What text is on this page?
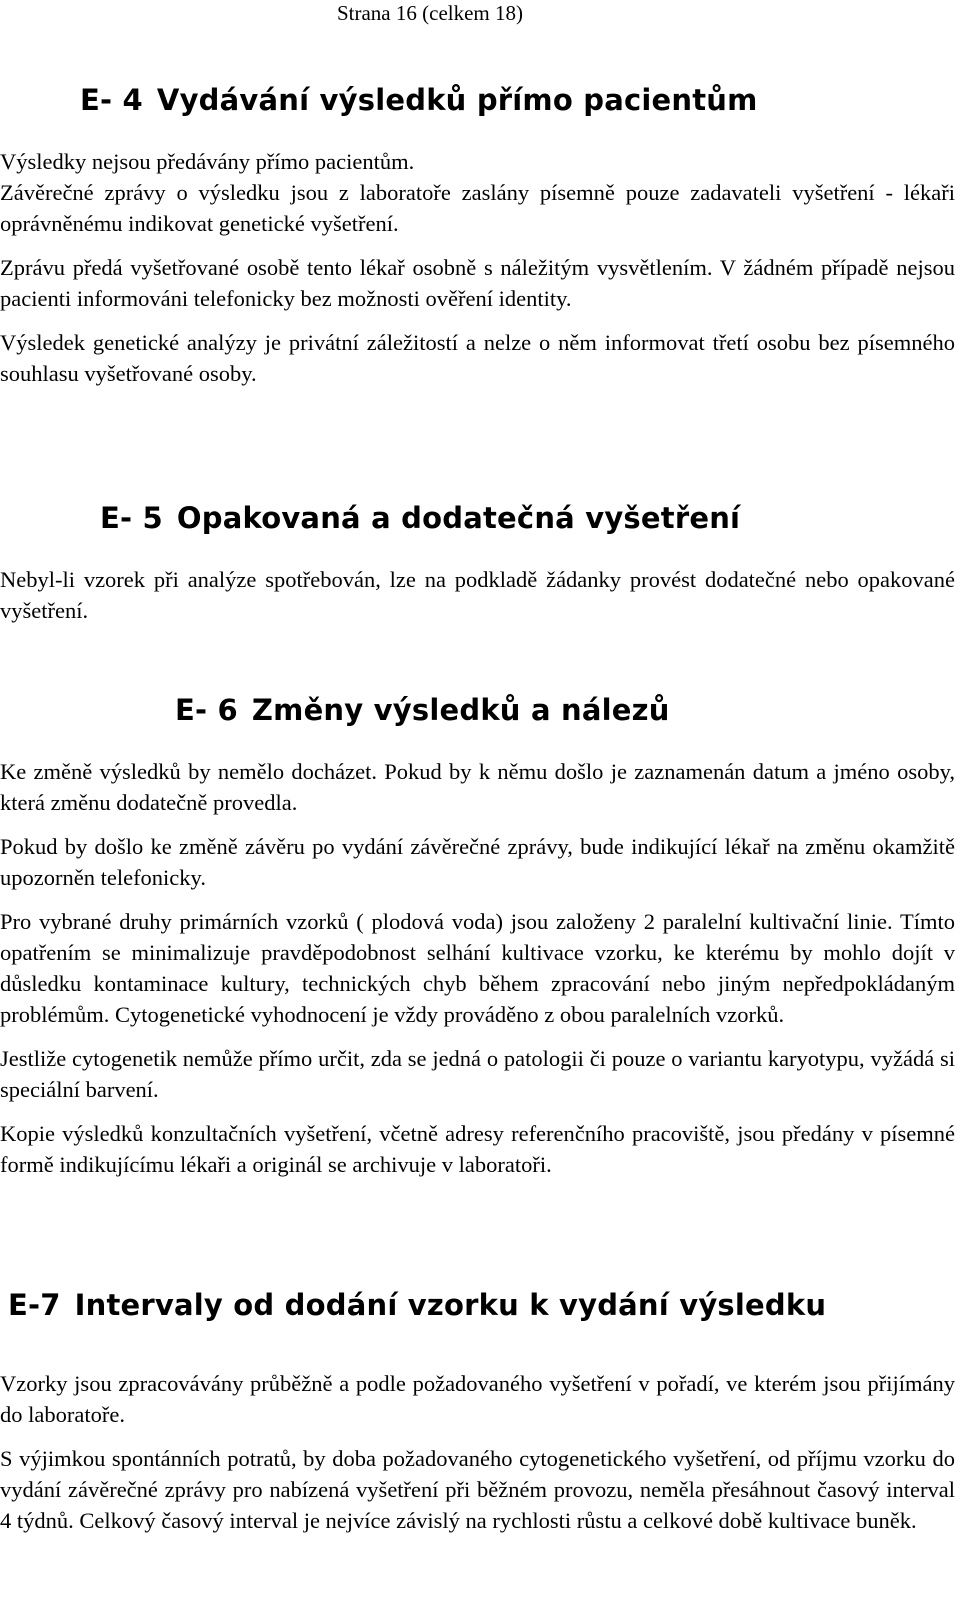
Strana 16 (celkem 18)
E- 4 Vydávání výsledků přímo pacientům

Výsledky nejsou předávány přímo pacientům.

Závěrečné zprávy o výsledku jsou z laboratoře zaslány písemně pouze zadavateli vyšetření - lékaři oprávněnému indikovat genetické vyšetření.

Zprávu předá vyšetřované osobě tento lékař osobně s náležitým vysvětlením. V žádném případě nejsou pacienti informováni telefonicky bez možnosti ověření identity.

Výsledek genetické analýzy je privátní záležitostí a nelze o něm informovat třetí osobu bez písemného souhlasu vyšetřované osoby.

E- 5 Opakovaná a dodatečná vyšetření

Nebyl-li vzorek při analýze spotřebován, lze na podkladě žádanky provést dodatečné nebo opakované vyšetření.

E- 6 Změny výsledků a nálezů

Ke změně výsledků by nemělo docházet. Pokud by k němu došlo je zaznamenán datum a jméno osoby, která změnu dodatečně provedla.

Pokud by došlo ke změně závěru po vydání závěrečné zprávy, bude indikující lékař na změnu okamžitě upozorněn telefonicky.

Pro vybrané druhy primárních vzorků ( plodová voda) jsou založeny 2 paralelní kultivační linie. Tímto opatřením se minimalizuje pravděpodobnost selhání kultivace vzorku, ke kterému by mohlo dojít v důsledku kontaminace kultury, technických chyb během zpracování nebo jiným nepředpokládaným problémům. Cytogenetické vyhodnocení je vždy prováděno z obou paralelních vzorků.

Jestliže cytogenetik nemůže přímo určit, zda se jedná o patologii či pouze o variantu karyotypu, vyžádá si speciální barvení.

Kopie výsledků konzultačních vyšetření, včetně adresy referenčního pracoviště, jsou předány v písemné formě indikujícímu lékaři a originál se archivuje v laboratoři.

E-7 Intervaly od dodání vzorku k vydání výsledku

Vzorky jsou zpracovávány průběžně a podle požadovaného vyšetření v pořadí, ve kterém jsou přijímány do laboratoře.

S výjimkou spontánních potratů, by doba požadovaného cytogenetického vyšetření, od příjmu vzorku do vydání závěrečné zprávy pro nabízená vyšetření při běžném provozu, neměla přesáhnout časový interval 4 týdnů. Celkový časový interval je nejvíce závislý na rychlosti růstu a celkové době kultivace buněk.
